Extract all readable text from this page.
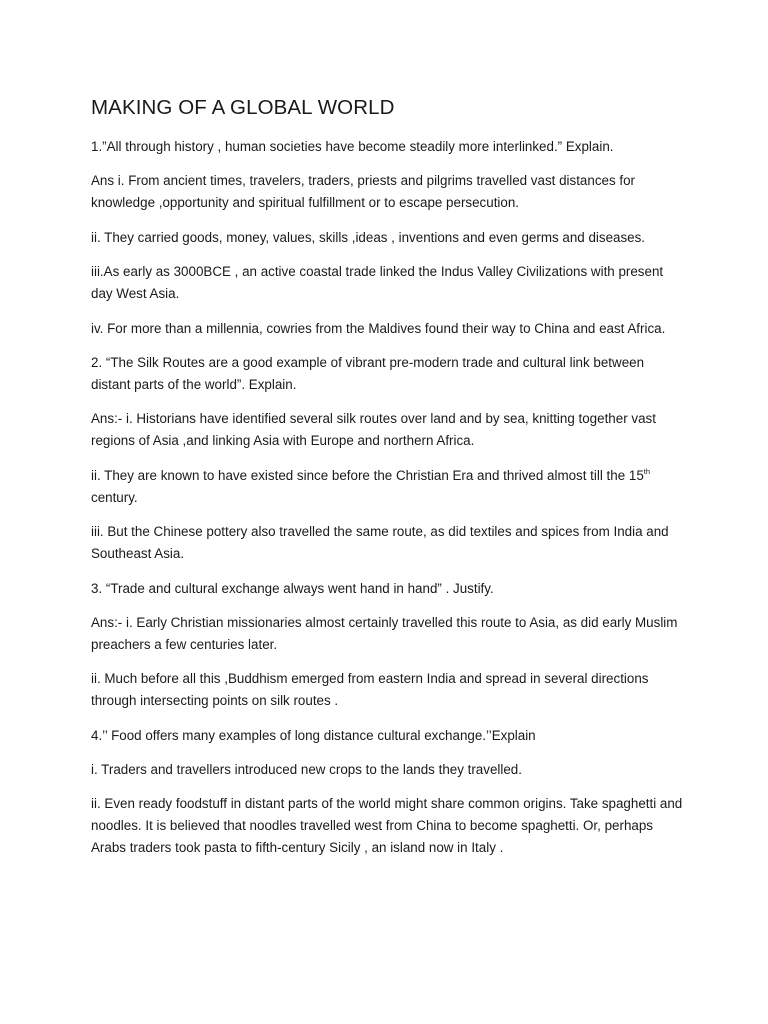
MAKING OF A GLOBAL WORLD

1.”All through history , human societies have become steadily more interlinked.” Explain.

Ans i. From ancient times, travelers, traders, priests and pilgrims travelled vast distances for knowledge ,opportunity and spiritual fulfillment or to escape persecution.

ii. They carried goods, money, values, skills ,ideas , inventions and even germs and diseases.

iii.As early as 3000BCE , an active coastal trade linked the Indus Valley Civilizations with present day West Asia.

iv. For more than a millennia, cowries from the Maldives found their way to China and east Africa.

2. “The Silk Routes are a good example of vibrant pre-modern trade and cultural link between distant parts of the world”. Explain.

Ans:- i. Historians have identified several silk routes over land and by sea, knitting together vast regions of Asia ,and linking Asia with Europe and northern Africa.

ii. They are known to have existed since before the Christian Era and thrived almost till the 15th century.

iii. But the Chinese pottery also travelled the same route, as did textiles and spices from India and Southeast Asia.

3. “Trade and cultural exchange always went hand in hand” . Justify.

Ans:- i. Early Christian missionaries almost certainly travelled this route to Asia, as did early Muslim preachers a few centuries later.

ii. Much before all this ,Buddhism emerged from eastern India and spread in several directions through intersecting points on silk routes .

4.’’ Food offers many examples of long distance cultural exchange.’’Explain

i. Traders and travellers introduced new crops to the lands they travelled.

ii. Even ready foodstuff in distant parts of the world might share common origins. Take spaghetti and noodles. It is believed that noodles travelled west from China to become spaghetti. Or, perhaps Arabs traders took pasta to fifth-century Sicily , an island now in Italy .
